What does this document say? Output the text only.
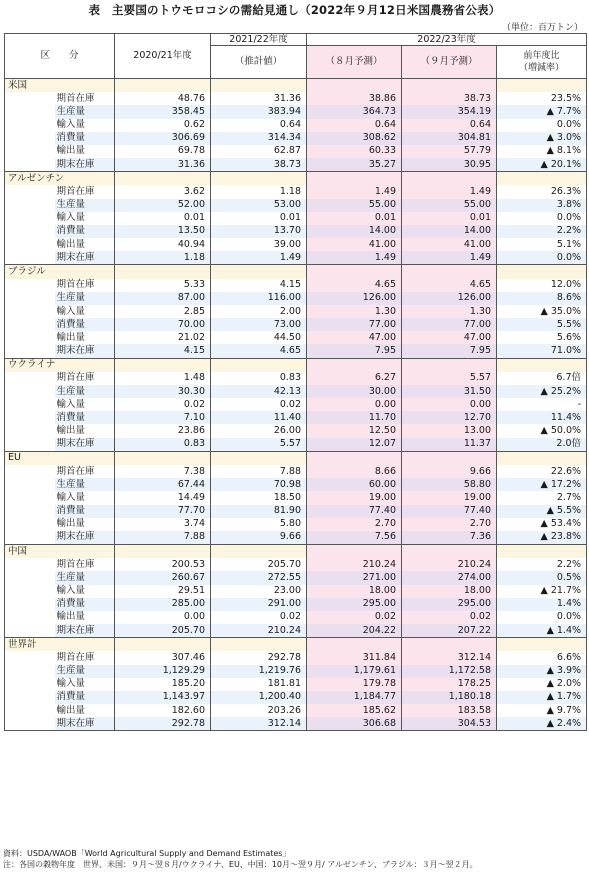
表　主要国のトウモロコシの需給見通し（2022年９月12日米国農務省公表）
（単位：百万トン）
区　　分		2020/21年度	2021/22年度	2022/23年度		
			（推計値）	（８月予測）	（９月予測）	前年度比
（増減率）
米国						
	期首在庫	48.76	31.36	38.86	38.73	23.5%
	生産量	358.45	383.94	364.73	354.19	▲ 7.7%
	輸入量	0.62	0.64	0.64	0.64	0.0%
	消費量	306.69	314.34	308.62	304.81	▲ 3.0%
	輸出量	69.78	62.87	60.33	57.79	▲ 8.1%
	期末在庫	31.36	38.73	35.27	30.95	▲ 20.1%
アルゼンチン						
	期首在庫	3.62	1.18	1.49	1.49	26.3%
	生産量	52.00	53.00	55.00	55.00	3.8%
	輸入量	0.01	0.01	0.01	0.01	0.0%
	消費量	13.50	13.70	14.00	14.00	2.2%
	輸出量	40.94	39.00	41.00	41.00	5.1%
	期末在庫	1.18	1.49	1.49	1.49	0.0%
ブラジル						
	期首在庫	5.33	4.15	4.65	4.65	12.0%
	生産量	87.00	116.00	126.00	126.00	8.6%
	輸入量	2.85	2.00	1.30	1.30	▲ 35.0%
	消費量	70.00	73.00	77.00	77.00	5.5%
	輸出量	21.02	44.50	47.00	47.00	5.6%
	期末在庫	4.15	4.65	7.95	7.95	71.0%
ウクライナ						
	期首在庫	1.48	0.83	6.27	5.57	6.7倍
	生産量	30.30	42.13	30.00	31.50	▲ 25.2%
	輸入量	0.02	0.02	0.00	0.00	-
	消費量	7.10	11.40	11.70	12.70	11.4%
	輸出量	23.86	26.00	12.50	13.00	▲ 50.0%
	期末在庫	0.83	5.57	12.07	11.37	2.0倍
EU						
	期首在庫	7.38	7.88	8.66	9.66	22.6%
	生産量	67.44	70.98	60.00	58.80	▲ 17.2%
	輸入量	14.49	18.50	19.00	19.00	2.7%
	消費量	77.70	81.90	77.40	77.40	▲ 5.5%
	輸出量	3.74	5.80	2.70	2.70	▲ 53.4%
	期末在庫	7.88	9.66	7.56	7.36	▲ 23.8%
中国						
	期首在庫	200.53	205.70	210.24	210.24	2.2%
	生産量	260.67	272.55	271.00	274.00	0.5%
	輸入量	29.51	23.00	18.00	18.00	▲ 21.7%
	消費量	285.00	291.00	295.00	295.00	1.4%
	輸出量	0.00	0.02	0.02	0.02	0.0%
	期末在庫	205.70	210.24	204.22	207.22	▲ 1.4%
世界計						
	期首在庫	307.46	292.78	311.84	312.14	6.6%
	生産量	1,129.29	1,219.76	1,179.61	1,172.58	▲ 3.9%
	輸入量	185.20	181.81	179.78	178.25	▲ 2.0%
	消費量	1,143.97	1,200.40	1,184.77	1,180.18	▲ 1.7%
	輸出量	182.60	203.26	185.62	183.58	▲ 9.7%
	期末在庫	292.78	312.14	306.68	304.53	▲ 2.4%
資料：USDA/WAOB「World Agricultural Supply and Demand Estimates」
注：各国の穀物年度　世界、米国：９月〜翌８月/ウクライナ、EU、中国：10月〜翌９月/ アルゼンチン、ブラジル：３月〜翌２月。
